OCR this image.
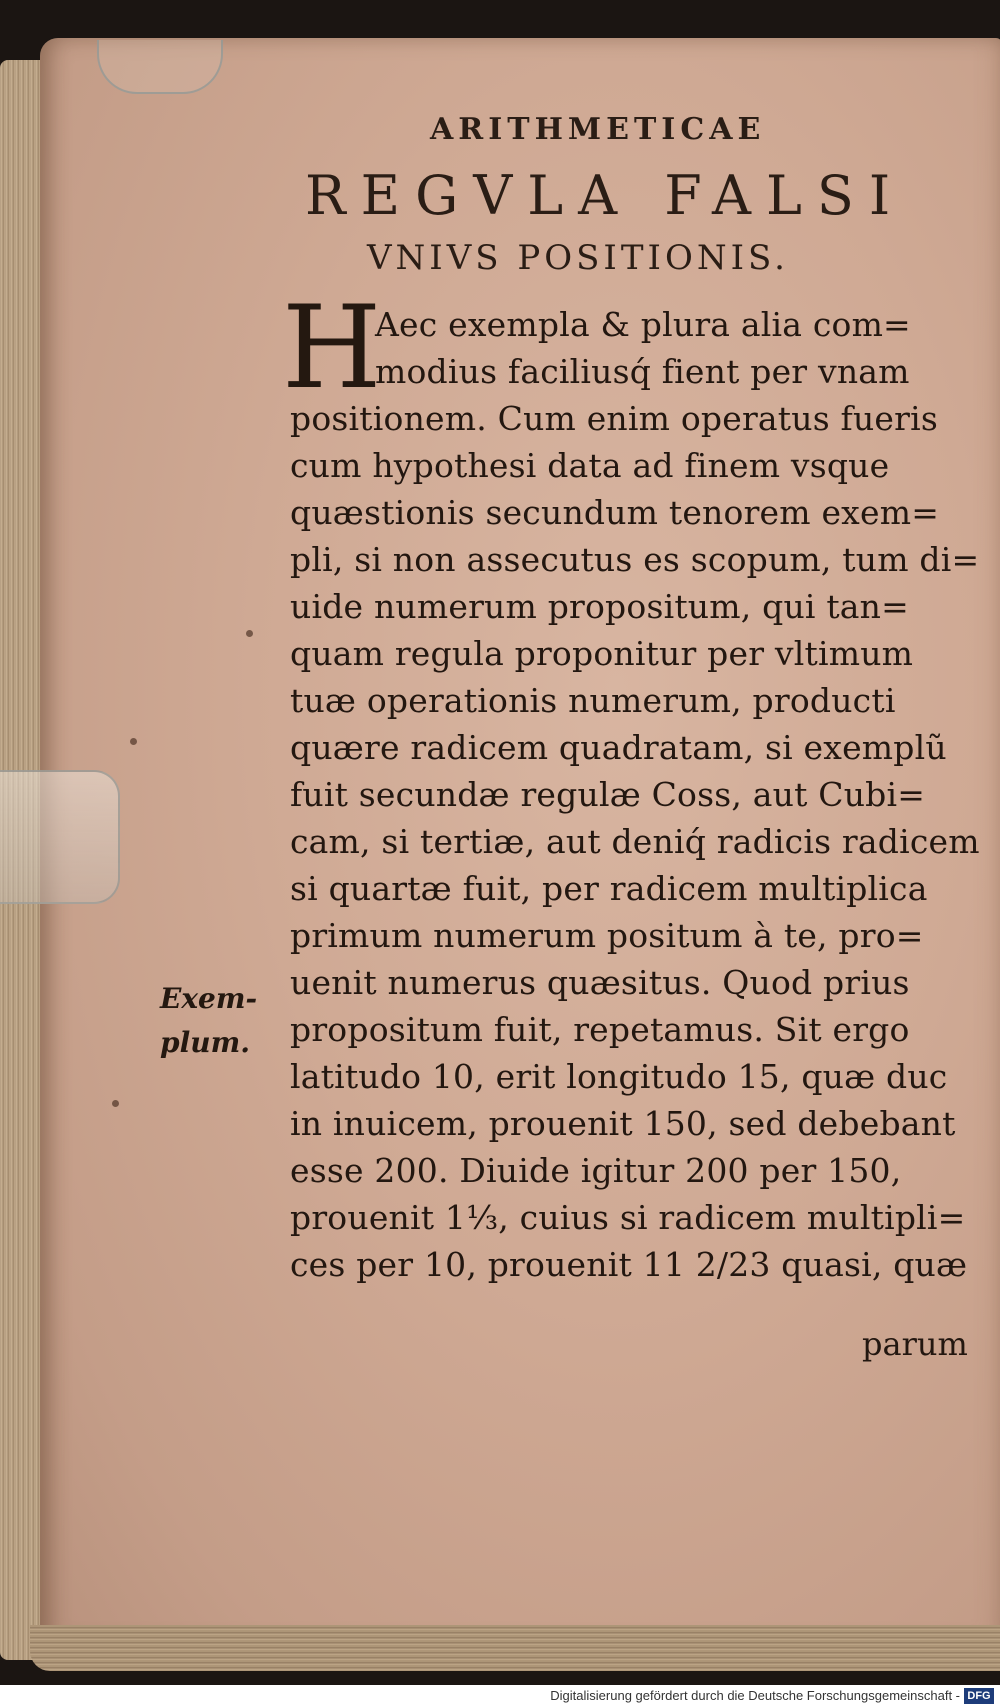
ARITHMETICAE
REGVLA FALSI
VNIVS POSITIONIS.
H
Aec exempla & plura alia com=
modius faciliusq́ fient per vnam
positionem. Cum enim operatus fueris
cum hypothesi data ad finem vsque
quæstionis secundum tenorem exem=
pli, si non assecutus es scopum, tum di=
uide numerum propositum, qui tan=
quam regula proponitur per vltimum
tuæ operationis numerum, producti
quære radicem quadratam, si exemplũ
fuit secundæ regulæ Coss, aut Cubi=
cam, si tertiæ, aut deniq́ radicis radicem
si quartæ fuit, per radicem multiplica
primum numerum positum à te, pro=
uenit numerus quæsitus. Quod prius
propositum fuit, repetamus. Sit ergo
latitudo 10, erit longitudo 15, quæ duc
in inuicem, prouenit 150, sed debebant
esse 200. Diuide igitur 200 per 150,
prouenit 1⅓, cuius si radicem multipli=
ces per 10, prouenit 11 2/23 quasi, quæ
parum
Exem-
plum.
Digitalisierung gefördert durch die Deutsche Forschungsgemeinschaft - DFG
